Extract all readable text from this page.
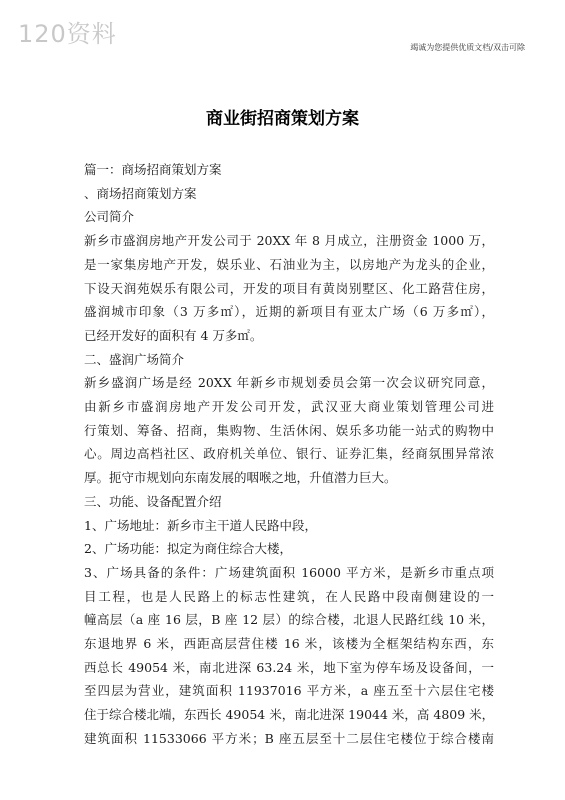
120资料	竭诚为您提供优质文档/双击可除
商业街招商策划方案

篇一：商场招商策划方案

、商场招商策划方案

公司简介

新乡市盛润房地产开发公司于 20XX 年 8 月成立，注册资金 1000 万，

是一家集房地产开发，娱乐业、石油业为主，以房地产为龙头的企业，

下设天润苑娱乐有限公司，开发的项目有黄岗别墅区、化工路营住房，

盛润城市印象（3 万多㎡），近期的新项目有亚太广场（6 万多㎡），

已经开发好的面积有 4 万多㎡。

二、盛润广场简介

新乡盛润广场是经 20XX 年新乡市规划委员会第一次会议研究同意，

由新乡市盛润房地产开发公司开发，武汉亚大商业策划管理公司进

行策划、筹备、招商，集购物、生活休闲、娱乐多功能一站式的购物中

心。周边高档社区、政府机关单位、银行、证券汇集，经商氛围异常浓

厚。扼守市规划向东南发展的咽喉之地，升值潜力巨大。

三、功能、设备配置介绍

1、广场地址：新乡市主干道人民路中段，

2、广场功能：拟定为商住综合大楼，

3、广场具备的条件：广场建筑面积 16000 平方米，是新乡市重点项

目工程，也是人民路上的标志性建筑，在人民路中段南侧建设的一

幢高层（a 座 16 层，B 座 12 层）的综合楼，北退人民路红线 10 米，

东退地界 6 米，西距高层营住楼 16 米，该楼为全框架结构东西，东

西总长 49054 米，南北进深 63.24 米，地下室为停车场及设备间，一

至四层为营业，建筑面积 11937016 平方米，a 座五至十六层住宅楼

住于综合楼北端，东西长 49054 米，南北进深 19044 米，高 4809 米，

建筑面积 11533066 平方米；B 座五层至十二层住宅楼位于综合楼南
